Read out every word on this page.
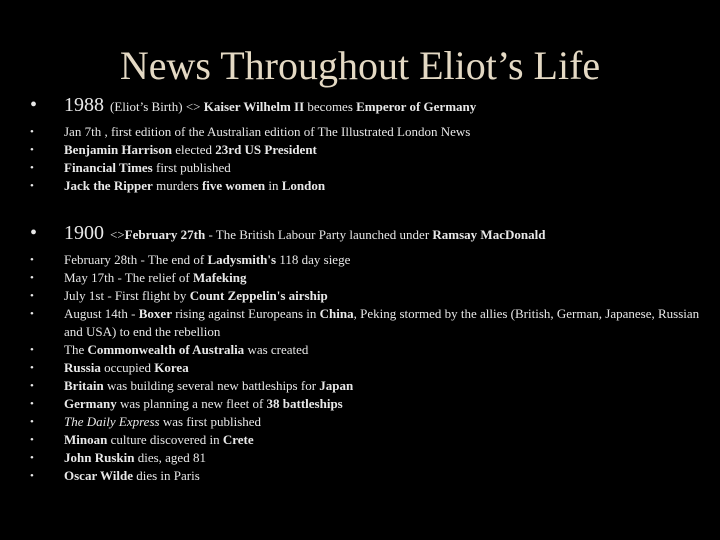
News Throughout Eliot’s Life
•	1988 (Eliot’s Birth) <> Kaiser Wilhelm II becomes Emperor of Germany
•	Jan 7th , first edition of the Australian edition of The Illustrated London News
•	Benjamin Harrison elected 23rd US President
•	Financial Times first published
•	Jack the Ripper murders five women in London
•	1900 <>February 27th - The British Labour Party launched under Ramsay MacDonald
•	February 28th - The end of Ladysmith's 118 day siege
•	May 17th - The relief of Mafeking
•	July 1st - First flight by Count Zeppelin's airship
•	August 14th - Boxer rising against Europeans in China, Peking stormed by the allies (British, German, Japanese, Russian and USA) to end the rebellion
•	The Commonwealth of Australia was created
•	Russia occupied Korea
•	Britain was building several new battleships for Japan
•	Germany was planning a new fleet of 38 battleships
•	The Daily Express was first published
•	Minoan culture discovered in Crete
•	John Ruskin dies, aged 81
•	Oscar Wilde dies in Paris
